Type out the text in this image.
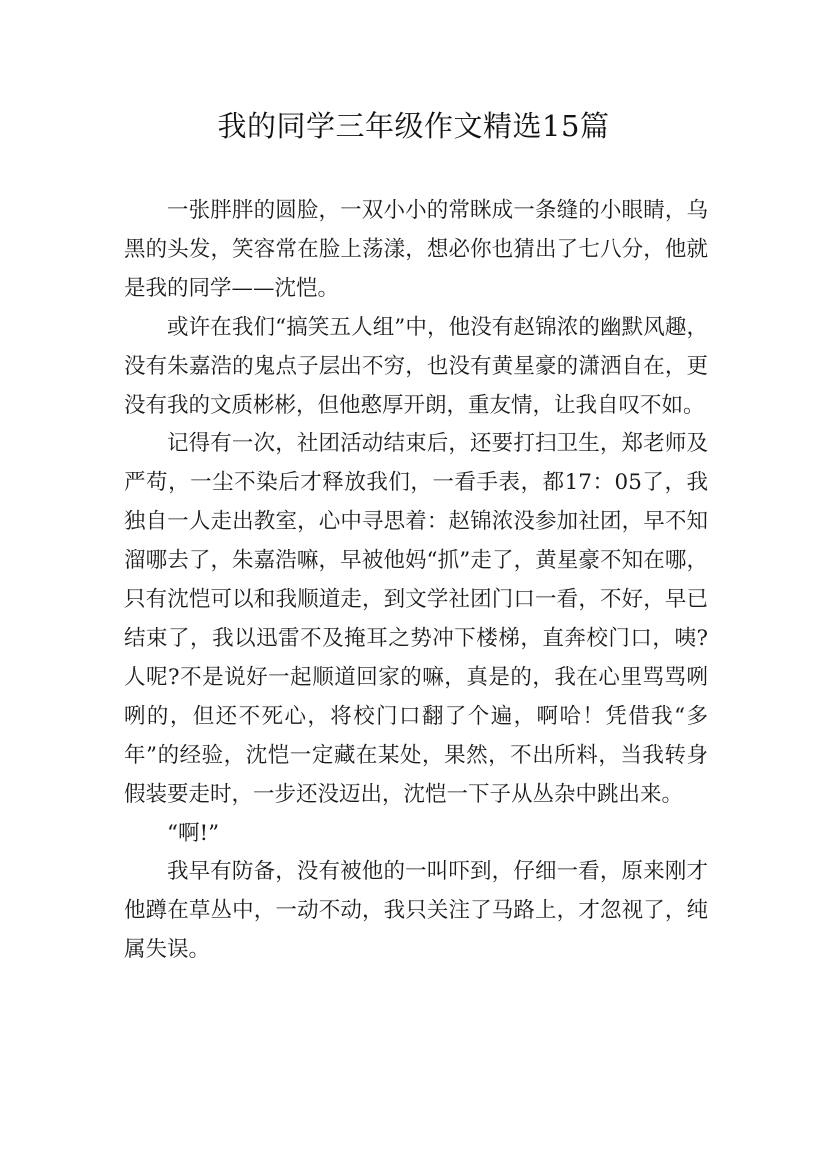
我的同学三年级作文精选15篇

一张胖胖的圆脸，一双小小的常眯成一条缝的小眼睛，乌黑的头发，笑容常在脸上荡漾，想必你也猜出了七八分，他就是我的同学——沈恺。

或许在我们“搞笑五人组”中，他没有赵锦浓的幽默风趣，没有朱嘉浩的鬼点子层出不穷，也没有黄星豪的潇洒自在，更没有我的文质彬彬，但他憨厚开朗，重友情，让我自叹不如。

记得有一次，社团活动结束后，还要打扫卫生，郑老师及严苟，一尘不染后才释放我们，一看手表，都17：05了，我独自一人走出教室，心中寻思着：赵锦浓没参加社团，早不知溜哪去了，朱嘉浩嘛，早被他妈“抓”走了，黄星豪不知在哪，只有沈恺可以和我顺道走，到文学社团门口一看，不好，早已结束了，我以迅雷不及掩耳之势冲下楼梯，直奔校门口，咦?人呢?不是说好一起顺道回家的嘛，真是的，我在心里骂骂咧咧的，但还不死心，将校门口翻了个遍，啊哈！凭借我“多年”的经验，沈恺一定藏在某处，果然，不出所料，当我转身假装要走时，一步还没迈出，沈恺一下子从丛杂中跳出来。

“啊!”

我早有防备，没有被他的一叫吓到，仔细一看，原来刚才他蹲在草丛中，一动不动，我只关注了马路上，才忽视了，纯属失误。
